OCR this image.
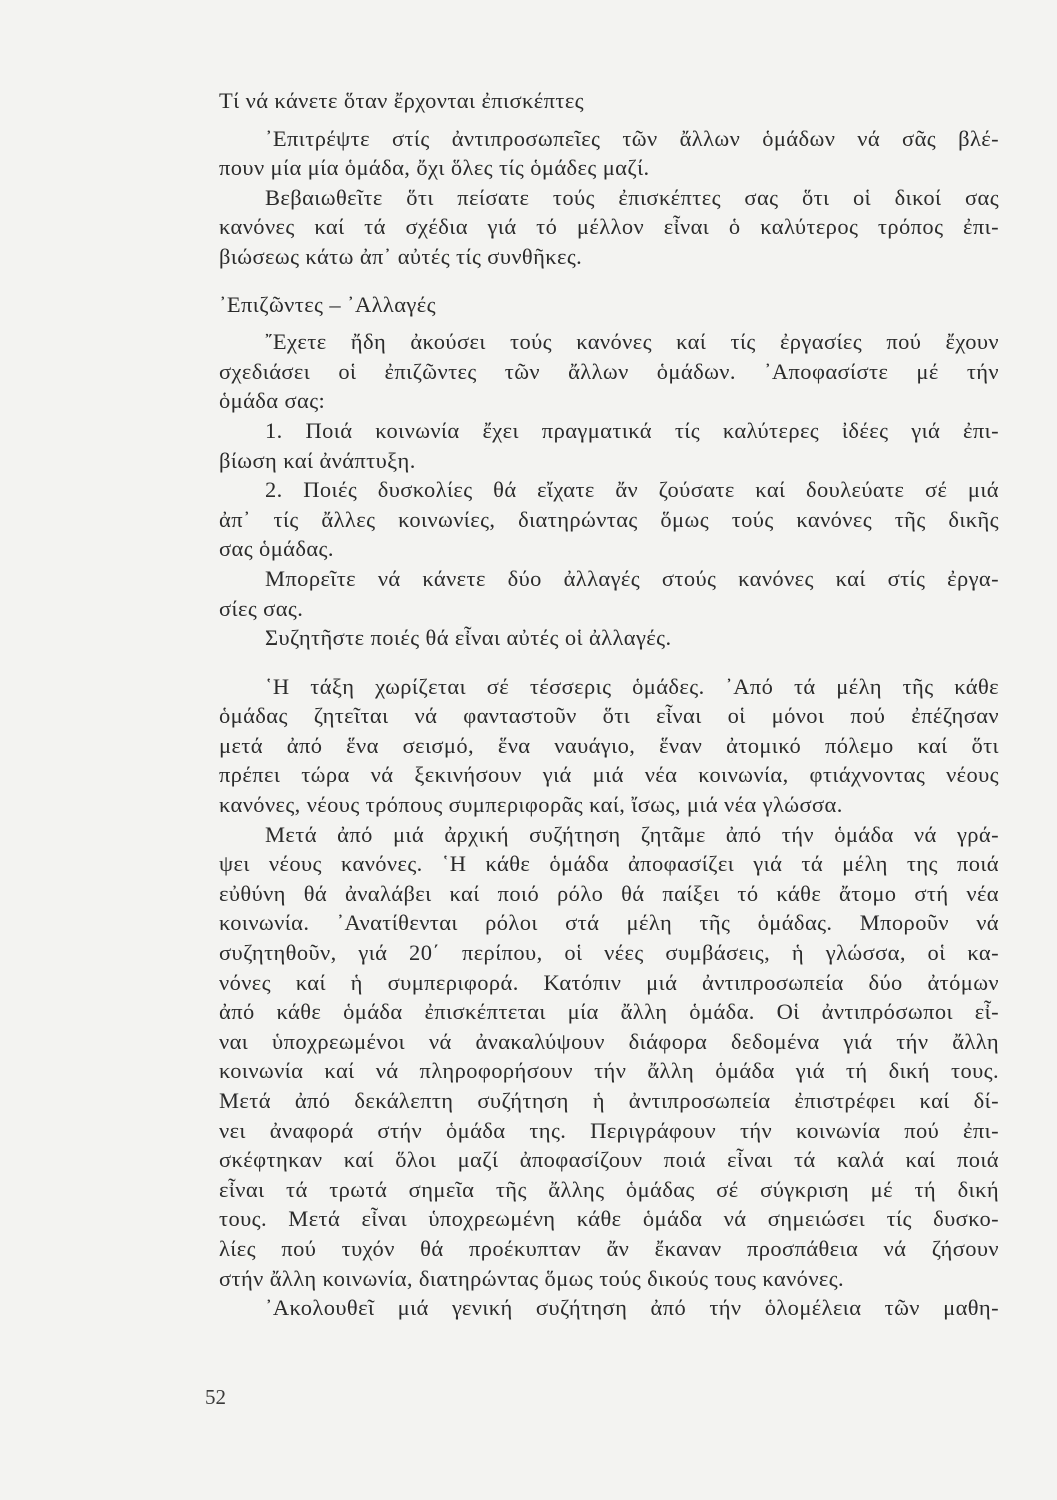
Τί νά κάνετε ὅταν ἔρχονται ἐπισκέπτες
᾿Επιτρέψτε στίς ἀντιπροσωπεῖες τῶν ἄλλων ὁμάδων νά σᾶς βλέ-
πουν μία μία ὁμάδα, ὄχι ὅλες τίς ὁμάδες μαζί.
Βεβαιωθεῖτε ὅτι πείσατε τούς ἐπισκέπτες σας ὅτι οἱ δικοί σας
κανόνες καί τά σχέδια γιά τό μέλλον εἶναι ὁ καλύτερος τρόπος ἐπι-
βιώσεως κάτω ἀπ᾿ αὐτές τίς συνθῆκες.
᾿Επιζῶντες – ᾿Αλλαγές
῎Εχετε ἤδη ἀκούσει τούς κανόνες καί τίς ἐργασίες πού ἔχουν
σχεδιάσει οἱ ἐπιζῶντες τῶν ἄλλων ὁμάδων. ᾿Αποφασίστε μέ τήν
ὁμάδα σας:
1. Ποιά κοινωνία ἔχει πραγματικά τίς καλύτερες ἰδέες γιά ἐπι-
βίωση καί ἀνάπτυξη.
2. Ποιές δυσκολίες θά εἴχατε ἄν ζούσατε καί δουλεύατε σέ μιά
ἀπ᾿ τίς ἄλλες κοινωνίες, διατηρώντας ὅμως τούς κανόνες τῆς δικῆς
σας ὁμάδας.
Μπορεῖτε νά κάνετε δύο ἀλλαγές στούς κανόνες καί στίς ἐργα-
σίες σας.
Συζητῆστε ποιές θά εἶναι αὐτές οἱ ἀλλαγές.
῾Η τάξη χωρίζεται σέ τέσσερις ὁμάδες. ᾿Από τά μέλη τῆς κάθε
ὁμάδας ζητεῖται νά φανταστοῦν ὅτι εἶναι οἱ μόνοι πού ἐπέζησαν
μετά ἀπό ἕνα σεισμό, ἕνα ναυάγιο, ἕναν ἀτομικό πόλεμο καί ὅτι
πρέπει τώρα νά ξεκινήσουν γιά μιά νέα κοινωνία, φτιάχνοντας νέους
κανόνες, νέους τρόπους συμπεριφορᾶς καί, ἴσως, μιά νέα γλώσσα.
Μετά ἀπό μιά ἀρχική συζήτηση ζητᾶμε ἀπό τήν ὁμάδα νά γρά-
ψει νέους κανόνες. ῾Η κάθε ὁμάδα ἀποφασίζει γιά τά μέλη της ποιά
εὐθύνη θά ἀναλάβει καί ποιό ρόλο θά παίξει τό κάθε ἄτομο στή νέα
κοινωνία. ᾿Ανατίθενται ρόλοι στά μέλη τῆς ὁμάδας. Μποροῦν νά
συζητηθοῦν, γιά 20΄ περίπου, οἱ νέες συμβάσεις, ἡ γλώσσα, οἱ κα-
νόνες καί ἡ συμπεριφορά. Κατόπιν μιά ἀντιπροσωπεία δύο ἀτόμων
ἀπό κάθε ὁμάδα ἐπισκέπτεται μία ἄλλη ὁμάδα. Οἱ ἀντιπρόσωποι εἶ-
ναι ὑποχρεωμένοι νά ἀνακαλύψουν διάφορα δεδομένα γιά τήν ἄλλη
κοινωνία καί νά πληροφορήσουν τήν ἄλλη ὁμάδα γιά τή δική τους.
Μετά ἀπό δεκάλεπτη συζήτηση ἡ ἀντιπροσωπεία ἐπιστρέφει καί δί-
νει ἀναφορά στήν ὁμάδα της. Περιγράφουν τήν κοινωνία πού ἐπι-
σκέφτηκαν καί ὅλοι μαζί ἀποφασίζουν ποιά εἶναι τά καλά καί ποιά
εἶναι τά τρωτά σημεῖα τῆς ἄλλης ὁμάδας σέ σύγκριση μέ τή δική
τους. Μετά εἶναι ὑποχρεωμένη κάθε ὁμάδα νά σημειώσει τίς δυσκο-
λίες πού τυχόν θά προέκυπταν ἄν ἔκαναν προσπάθεια νά ζήσουν
στήν ἄλλη κοινωνία, διατηρώντας ὅμως τούς δικούς τους κανόνες.
᾿Ακολουθεῖ μιά γενική συζήτηση ἀπό τήν ὁλομέλεια τῶν μαθη-
52
